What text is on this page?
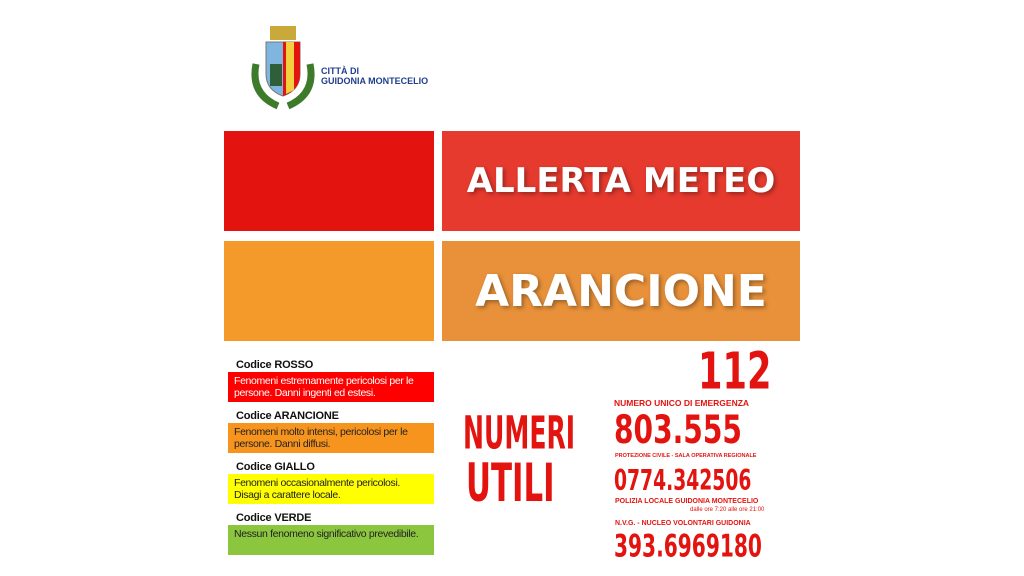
CITTÀ DI
GUIDONIA MONTECELIO
ALLERTA METEO
ARANCIONE
Codice ROSSO
Fenomeni estremamente pericolosi per le persone. Danni ingenti ed estesi.
Codice ARANCIONE
Fenomeni molto intensi, pericolosi per le persone. Danni diffusi.
Codice GIALLO
Fenomeni occasionalmente pericolosi. Disagi a carattere locale.
Codice VERDE
Nessun fenomeno significativo prevedibile.
NUMERI
UTILI
112
NUMERO UNICO DI EMERGENZA
803.555
PROTEZIONE CIVILE - SALA OPERATIVA REGIONALE
0774.342506
POLIZIA LOCALE GUIDONIA MONTECELIO
dalle ore 7:20 alle ore 21:00
N.V.G. - NUCLEO VOLONTARI GUIDONIA
393.6969180
